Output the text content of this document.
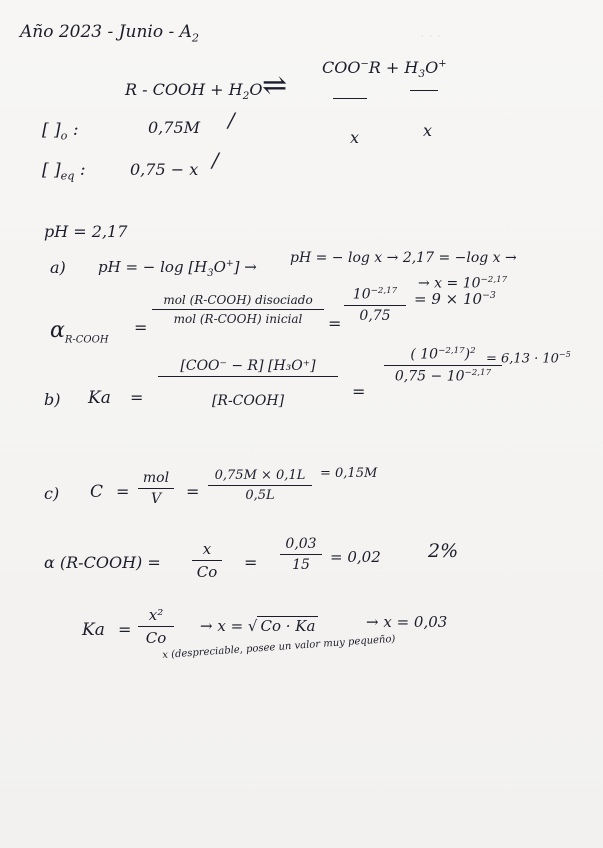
· · ·
Año 2023 - Junio - $A_2$
R - COOH + $H_2O$ ⇌
$COO^-R + H_3O^+$
[ ]$_o$ :	0,75M /
x	x
[ ]$_{eq}$ :	0,75 − x /
pH = 2,17
a) pH = − $\log [H_3O^+]$ → pH = − log x → 2,17 = −log x →
→ $x = 10^{-2,17}$
$\alpha_{R-COOH}$
=
mol (R-COOH) disociado
mol (R-COOH) inicial	=
$10^{-2,17}$
0,75
= $9 \times 10^{-3}$
b) Ka =
[COO⁻ − R] [H₃O⁺]
[R-COOH]	=
( $10^{-2,17})^2$
$0,75 - 10^{-2,17}$
= $6,13 \cdot 10^{-5}$
c) C =
mol
V	=
0,75M × 0,1L
0,5L
= 0,15M
α (R-COOH) =
x
Co =
0,03
15	= 0,02 2%
Ka =
x²
Co
→ x = √ Co · Ka	→ x = 0,03
x (despreciable, posee un valor muy pequeño)
